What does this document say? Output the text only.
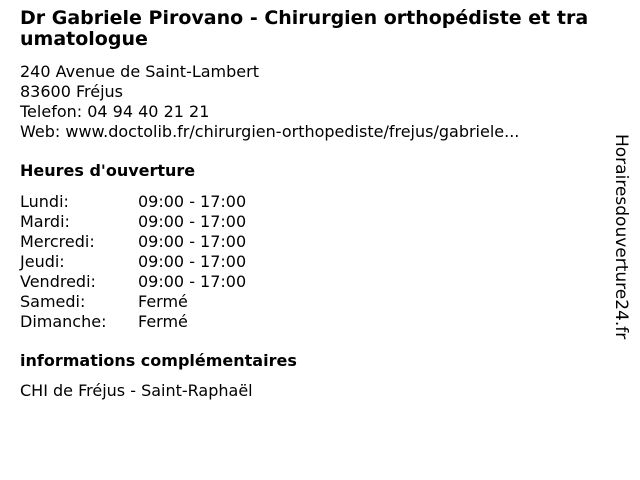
Dr Gabriele Pirovano - Chirurgien orthopédiste et traumatologue
240 Avenue de Saint-Lambert
83600 Fréjus
Telefon: 04 94 40 21 21
Web: www.doctolib.fr/chirurgien-orthopediste/frejus/gabriele...
Heures d'ouverture
Lundi:	09:00 - 17:00
Mardi:	09:00 - 17:00
Mercredi:	09:00 - 17:00
Jeudi:	09:00 - 17:00
Vendredi:	09:00 - 17:00
Samedi:	Fermé
Dimanche:	Fermé
informations complémentaires
CHI de Fréjus - Saint-Raphaël
Horairesdouverture24.fr
